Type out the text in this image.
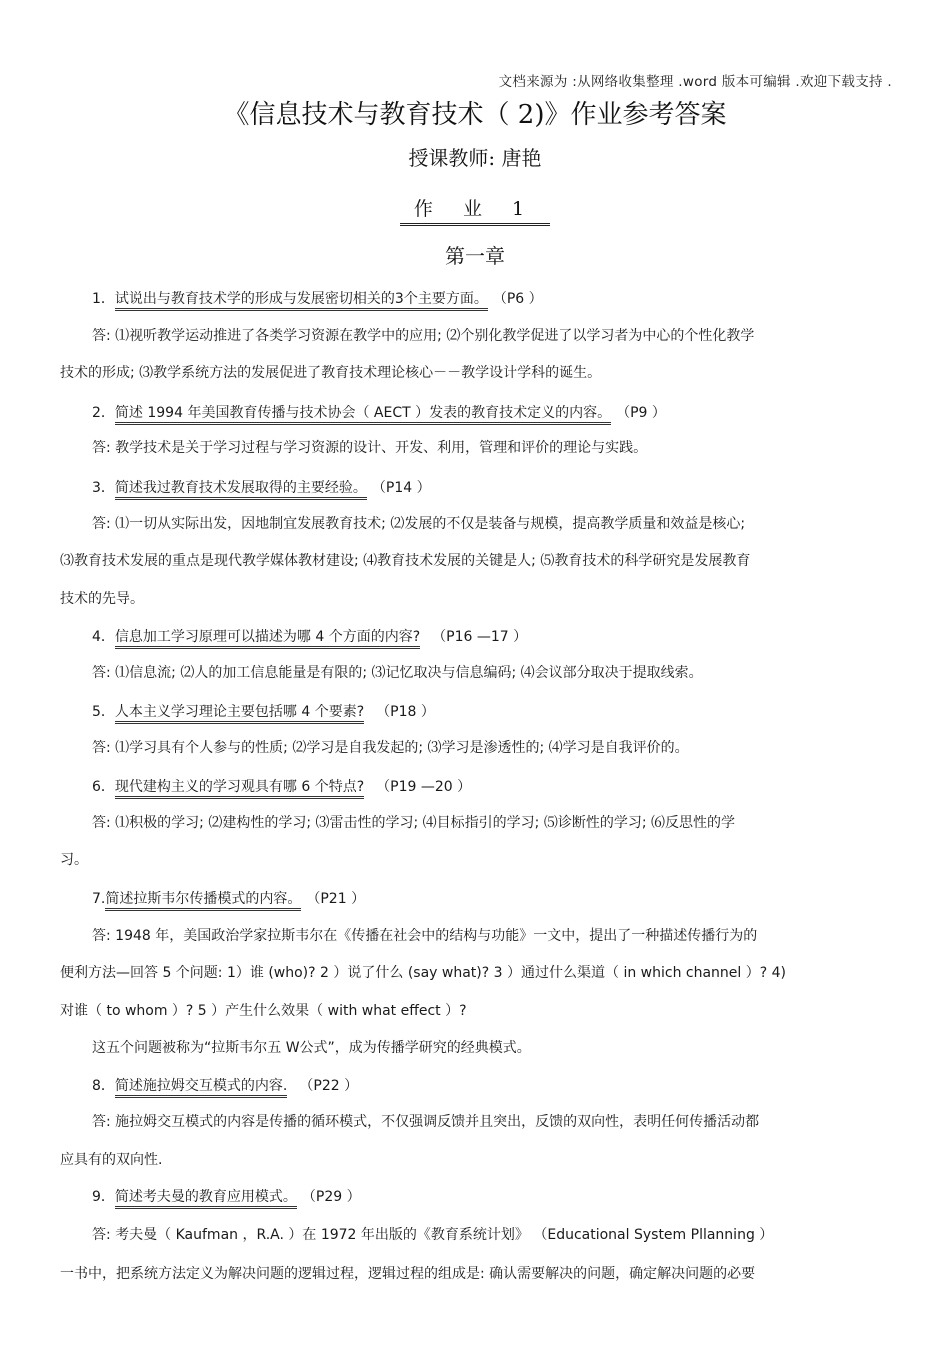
文档来源为 :从网络收集整理 .word 版本可编辑 .欢迎下载支持 .
《信息技术与教育技术（ 2)》作业参考答案
授课教师: 唐艳
作 业 1
第一章
1．试说出与教育技术学的形成与发展密切相关的3个主要方面。 （P6 ）
答: ⑴视听教学运动推进了各类学习资源在教学中的应用; ⑵个别化教学促进了以学习者为中心的个性化教学
技术的形成; ⑶教学系统方法的发展促进了教育技术理论核心－－教学设计学科的诞生。
2．简述 1994 年美国教育传播与技术协会（ AECT ）发表的教育技术定义的内容。 （P9 ）
答: 教学技术是关于学习过程与学习资源的设计、开发、利用，管理和评价的理论与实践。
3．简述我过教育技术发展取得的主要经验。 （P14 ）
答: ⑴一切从实际出发，因地制宜发展教育技术; ⑵发展的不仅是装备与规模，提高教学质量和效益是核心;
⑶教育技术发展的重点是现代教学媒体教材建设; ⑷教育技术发展的关键是人; ⑸教育技术的科学研究是发展教育
技术的先导。
4．信息加工学习原理可以描述为哪 4 个方面的内容? （P16 —17 ）
答: ⑴信息流; ⑵人的加工信息能量是有限的; ⑶记忆取决与信息编码; ⑷会议部分取决于提取线索。
5．人本主义学习理论主要包括哪 4 个要素? （P18 ）
答: ⑴学习具有个人参与的性质; ⑵学习是自我发起的; ⑶学习是渗透性的; ⑷学习是自我评价的。
6．现代建构主义的学习观具有哪 6 个特点? （P19 —20 ）
答: ⑴积极的学习; ⑵建构性的学习; ⑶雷击性的学习; ⑷目标指引的学习; ⑸诊断性的学习; ⑹反思性的学
习。
7.简述拉斯韦尔传播模式的内容。 （P21 ）
答: 1948 年，美国政治学家拉斯韦尔在《传播在社会中的结构与功能》一文中，提出了一种描述传播行为的
便利方法—回答 5 个问题: 1）谁 (who)? 2 ）说了什么 (say what)? 3 ）通过什么渠道（ in which channel ）? 4)
对谁（ to whom ）? 5 ）产生什么效果（ with what effect ）?
这五个问题被称为“拉斯韦尔五 W公式”，成为传播学研究的经典模式。
8．简述施拉姆交互模式的内容. （P22 ）
答: 施拉姆交互模式的内容是传播的循环模式，不仅强调反馈并且突出，反馈的双向性，表明任何传播活动都
应具有的双向性.
9．简述考夫曼的教育应用模式。 （P29 ）
答: 考夫曼（ Kaufman ，R.A. ）在 1972 年出版的《教育系统计划》 （Educational System Pllanning ）
一书中，把系统方法定义为解决问题的逻辑过程，逻辑过程的组成是: 确认需要解决的问题，确定解决问题的必要
